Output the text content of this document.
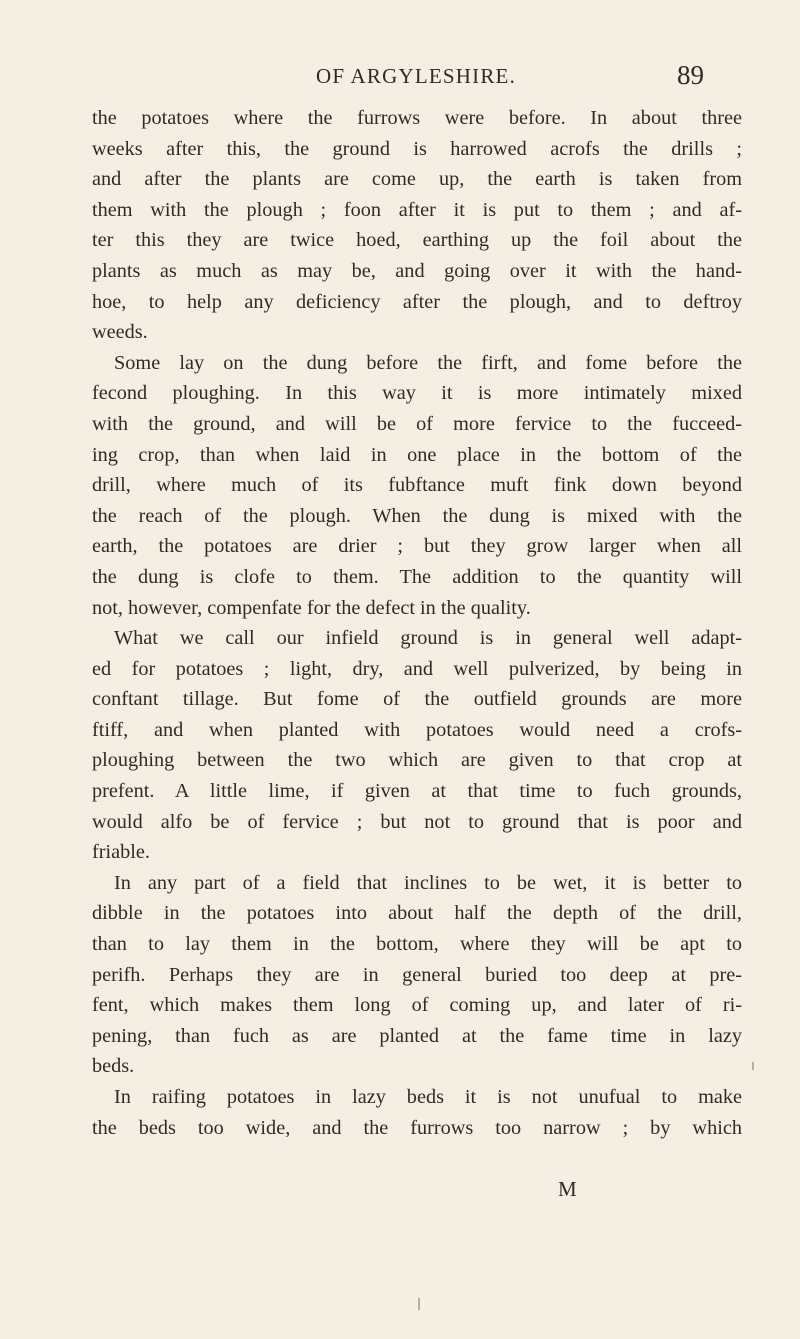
OF ARGYLESHIRE.	89
the potatoes where the furrows were before. In about three
weeks after this, the ground is harrowed acrofs the drills ;
and after the plants are come up, the earth is taken from
them with the plough ; foon after it is put to them ; and af-
ter this they are twice hoed, earthing up the foil about the
plants as much as may be, and going over it with the hand-
hoe, to help any deficiency after the plough, and to deftroy
weeds.
Some lay on the dung before the firft, and fome before the
fecond ploughing. In this way it is more intimately mixed
with the ground, and will be of more fervice to the fucceed-
ing crop, than when laid in one place in the bottom of the
drill, where much of its fubftance muft fink down beyond
the reach of the plough. When the dung is mixed with the
earth, the potatoes are drier ; but they grow larger when all
the dung is clofe to them. The addition to the quantity will
not, however, compenfate for the defect in the quality.
What we call our infield ground is in general well adapt-
ed for potatoes ; light, dry, and well pulverized, by being in
conftant tillage. But fome of the outfield grounds are more
ftiff, and when planted with potatoes would need a crofs-
ploughing between the two which are given to that crop at
prefent. A little lime, if given at that time to fuch grounds,
would alfo be of fervice ; but not to ground that is poor and
friable.
In any part of a field that inclines to be wet, it is better to
dibble in the potatoes into about half the depth of the drill,
than to lay them in the bottom, where they will be apt to
perifh. Perhaps they are in general buried too deep at pre-
fent, which makes them long of coming up, and later of ri-
pening, than fuch as are planted at the fame time in lazy
beds.
In raifing potatoes in lazy beds it is not unufual to make
the beds too wide, and the furrows too narrow ; by which
M
